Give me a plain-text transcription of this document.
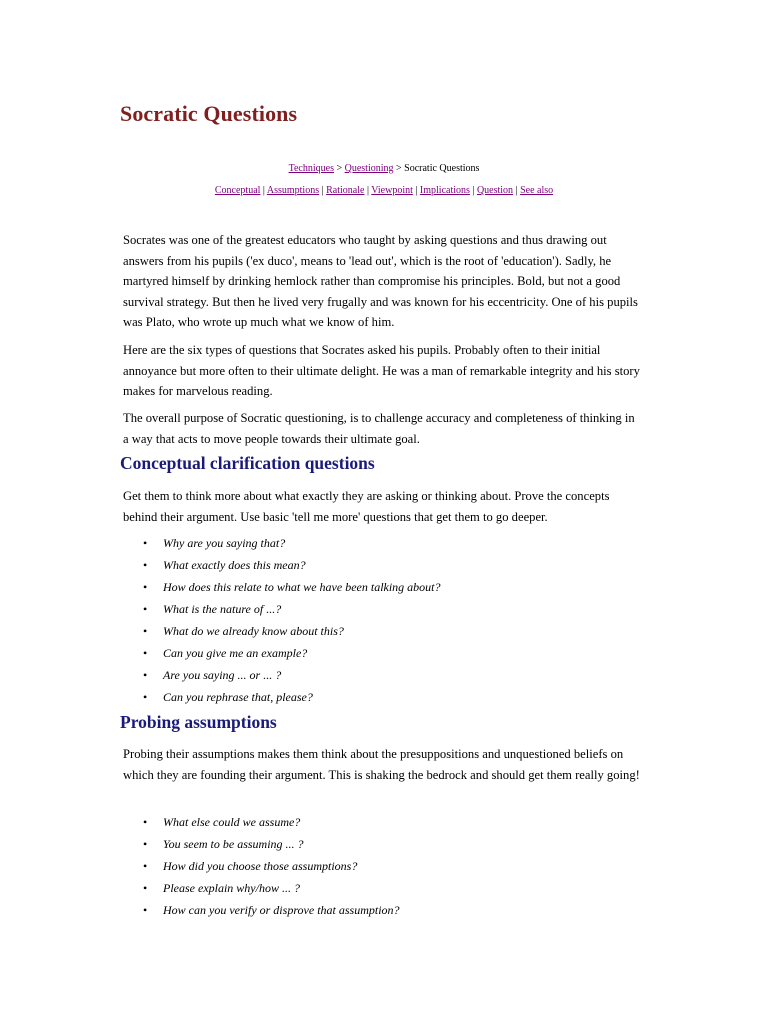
Socratic Questions
Techniques > Questioning > Socratic Questions
Conceptual | Assumptions | Rationale | Viewpoint | Implications | Question | See also

Socrates was one of the greatest educators who taught by asking questions and thus drawing out answers from his pupils ('ex duco', means to 'lead out', which is the root of 'education'). Sadly, he martyred himself by drinking hemlock rather than compromise his principles. Bold, but not a good survival strategy. But then he lived very frugally and was known for his eccentricity. One of his pupils was Plato, who wrote up much what we know of him.

Here are the six types of questions that Socrates asked his pupils. Probably often to their initial annoyance but more often to their ultimate delight. He was a man of remarkable integrity and his story makes for marvelous reading.

The overall purpose of Socratic questioning, is to challenge accuracy and completeness of thinking in a way that acts to move people towards their ultimate goal.

Conceptual clarification questions

Get them to think more about what exactly they are asking or thinking about. Prove the concepts behind their argument. Use basic 'tell me more' questions that get them to go deeper.

• Why are you saying that?
• What exactly does this mean?
• How does this relate to what we have been talking about?
• What is the nature of ...?
• What do we already know about this?
• Can you give me an example?
• Are you saying ... or ... ?
• Can you rephrase that, please?
Probing assumptions

Probing their assumptions makes them think about the presuppositions and unquestioned beliefs on which they are founding their argument. This is shaking the bedrock and should get them really going!

• What else could we assume?
• You seem to be assuming ... ?
• How did you choose those assumptions?
• Please explain why/how ... ?
• How can you verify or disprove that assumption?
